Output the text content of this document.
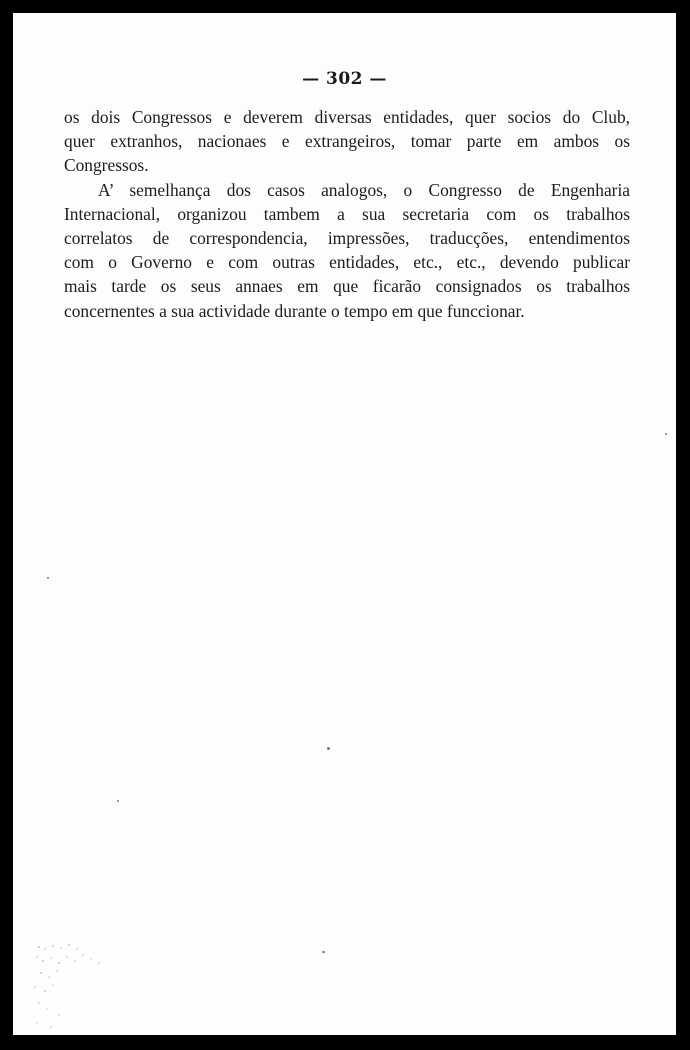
— 302 —

os dois Congressos e deverem diversas entidades, quer socios do Club,
quer extranhos, nacionaes e extrangeiros, tomar parte em ambos os
Congressos.

A’ semelhança dos casos analogos, o Congresso de Engenharia
Internacional, organizou tambem a sua secretaria com os trabalhos
correlatos de correspondencia, impressões, traducções, entendimentos
com o Governo e com outras entidades, etc., etc., devendo publicar
mais tarde os seus annaes em que ficarão consignados os trabalhos
concernentes a sua actividade durante o tempo em que funccionar.
